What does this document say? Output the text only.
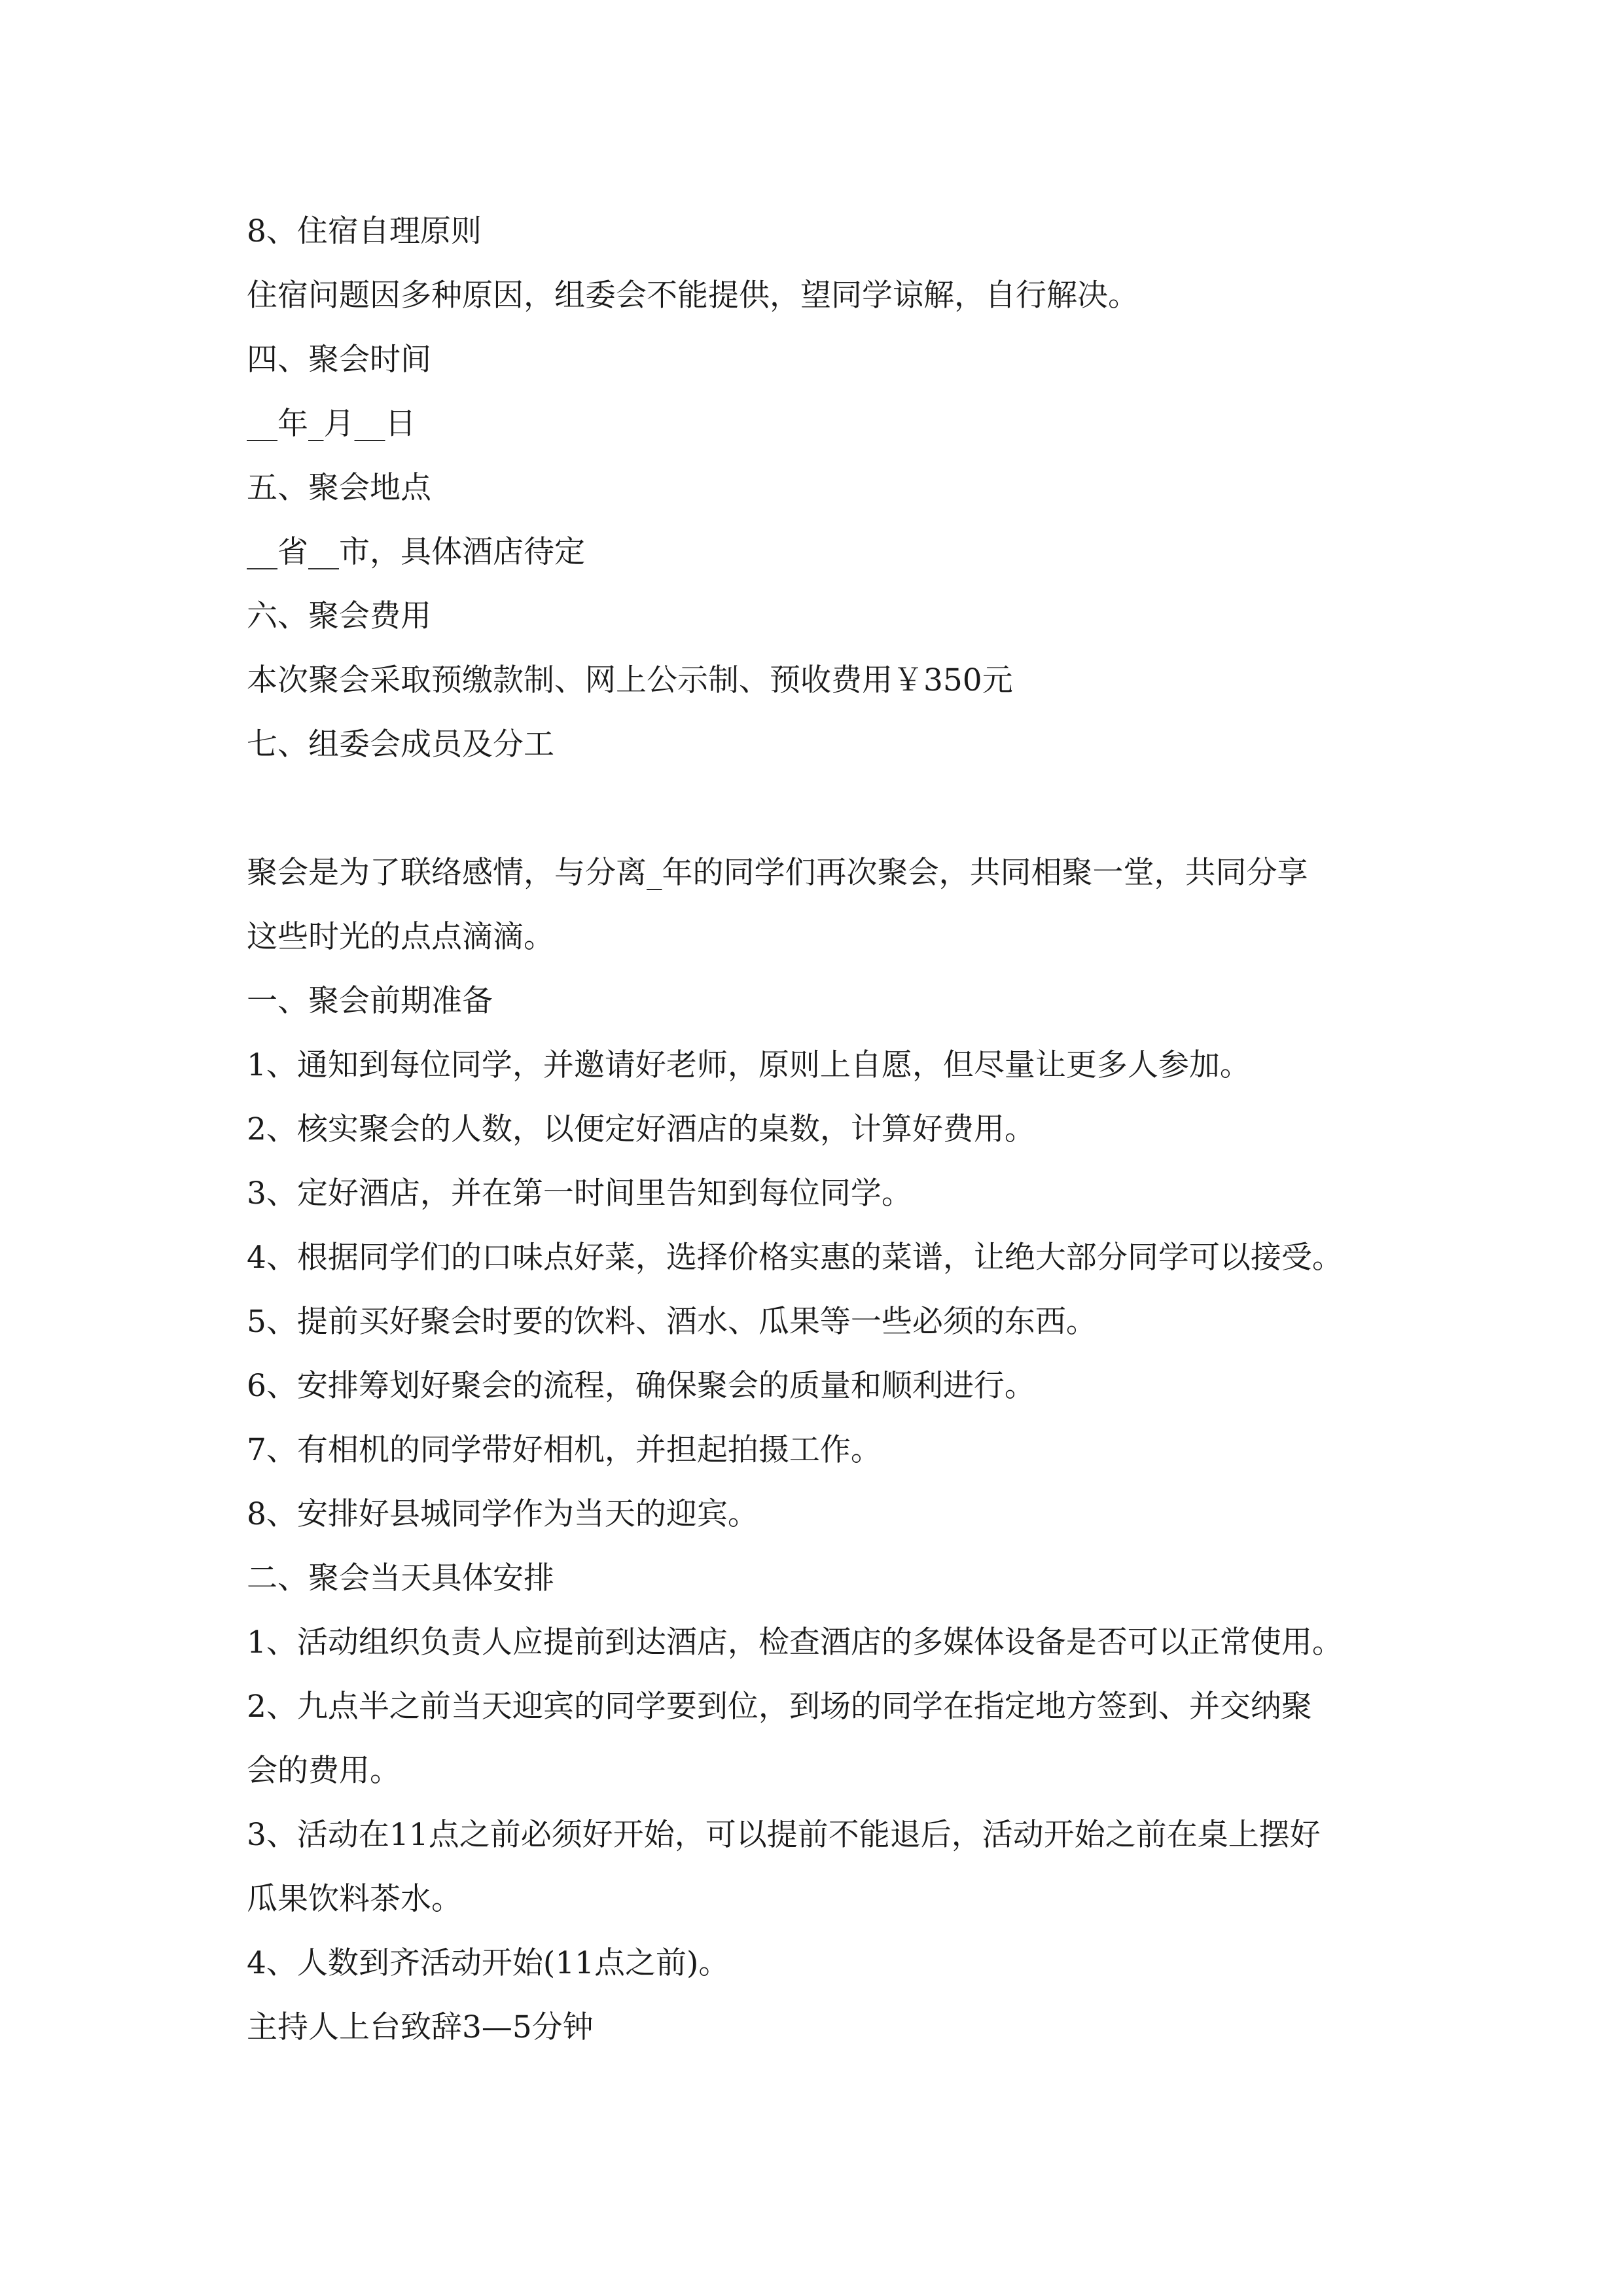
8、住宿自理原则

住宿问题因多种原因，组委会不能提供，望同学谅解，自行解决。

四、聚会时间

__年_月__日

五、聚会地点

__省__市，具体酒店待定

六、聚会费用

本次聚会采取预缴款制、网上公示制、预收费用￥350元

七、组委会成员及分工

聚会是为了联络感情，与分离_年的同学们再次聚会，共同相聚一堂，共同分享

这些时光的点点滴滴。

一、聚会前期准备

1、通知到每位同学，并邀请好老师，原则上自愿，但尽量让更多人参加。

2、核实聚会的人数，以便定好酒店的桌数，计算好费用。

3、定好酒店，并在第一时间里告知到每位同学。

4、根据同学们的口味点好菜，选择价格实惠的菜谱，让绝大部分同学可以接受。

5、提前买好聚会时要的饮料、酒水、瓜果等一些必须的东西。

6、安排筹划好聚会的流程，确保聚会的质量和顺利进行。

7、有相机的同学带好相机，并担起拍摄工作。

8、安排好县城同学作为当天的迎宾。

二、聚会当天具体安排

1、活动组织负责人应提前到达酒店，检查酒店的多媒体设备是否可以正常使用。

2、九点半之前当天迎宾的同学要到位，到场的同学在指定地方签到、并交纳聚

会的费用。

3、活动在11点之前必须好开始，可以提前不能退后，活动开始之前在桌上摆好

瓜果饮料茶水。

4、人数到齐活动开始(11点之前)。

主持人上台致辞3—5分钟
